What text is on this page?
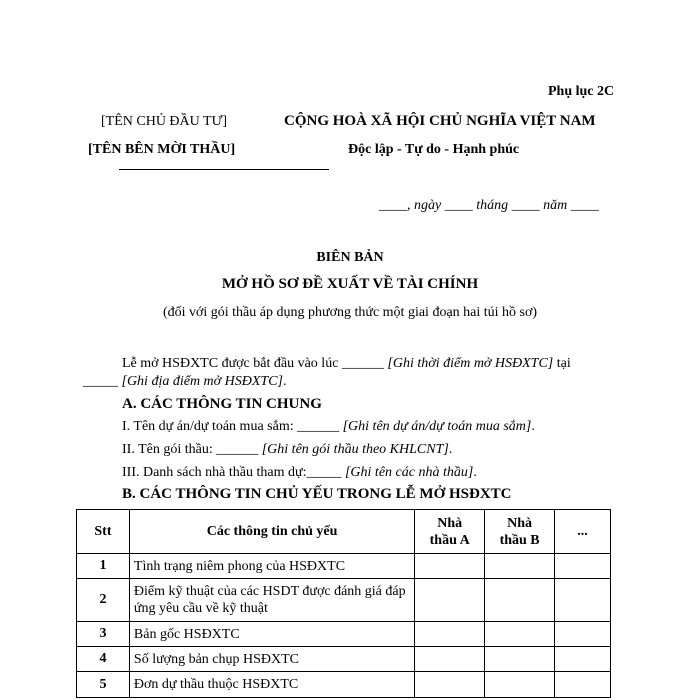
Phụ lục 2C
[TÊN CHỦ ĐẦU TƯ]
[TÊN BÊN MỜI THẦU]
CỘNG HOÀ XÃ HỘI CHỦ NGHĨA VIỆT NAM
Độc lập - Tự do - Hạnh phúc
____, ngày ____ tháng ____ năm ____
BIÊN BẢN
MỞ HỒ SƠ ĐỀ XUẤT VỀ TÀI CHÍNH
(đối với gói thầu áp dụng phương thức một giai đoạn hai túi hồ sơ)
Lễ mở HSĐXTC được bắt đầu vào lúc ______ [Ghi thời điểm mở HSĐXTC] tại
_____ [Ghi địa điểm mở HSĐXTC].
A. CÁC THÔNG TIN CHUNG
I. Tên dự án/dự toán mua sắm: ______ [Ghi tên dự án/dự toán mua sắm].
II. Tên gói thầu: ______ [Ghi tên gói thầu theo KHLCNT].
III. Danh sách nhà thầu tham dự:_____ [Ghi tên các nhà thầu].
B. CÁC THÔNG TIN CHỦ YẾU TRONG LỄ MỞ HSĐXTC
Stt	Các thông tin chủ yếu	Nhà thầu A	Nhà thầu B	...
1	Tình trạng niêm phong của HSĐXTC			
2	Điểm kỹ thuật của các HSDT được đánh giá đáp ứng yêu cầu về kỹ thuật			
3	Bản gốc HSĐXTC			
4	Số lượng bản chụp HSĐXTC			
5	Đơn dự thầu thuộc HSĐXTC			
